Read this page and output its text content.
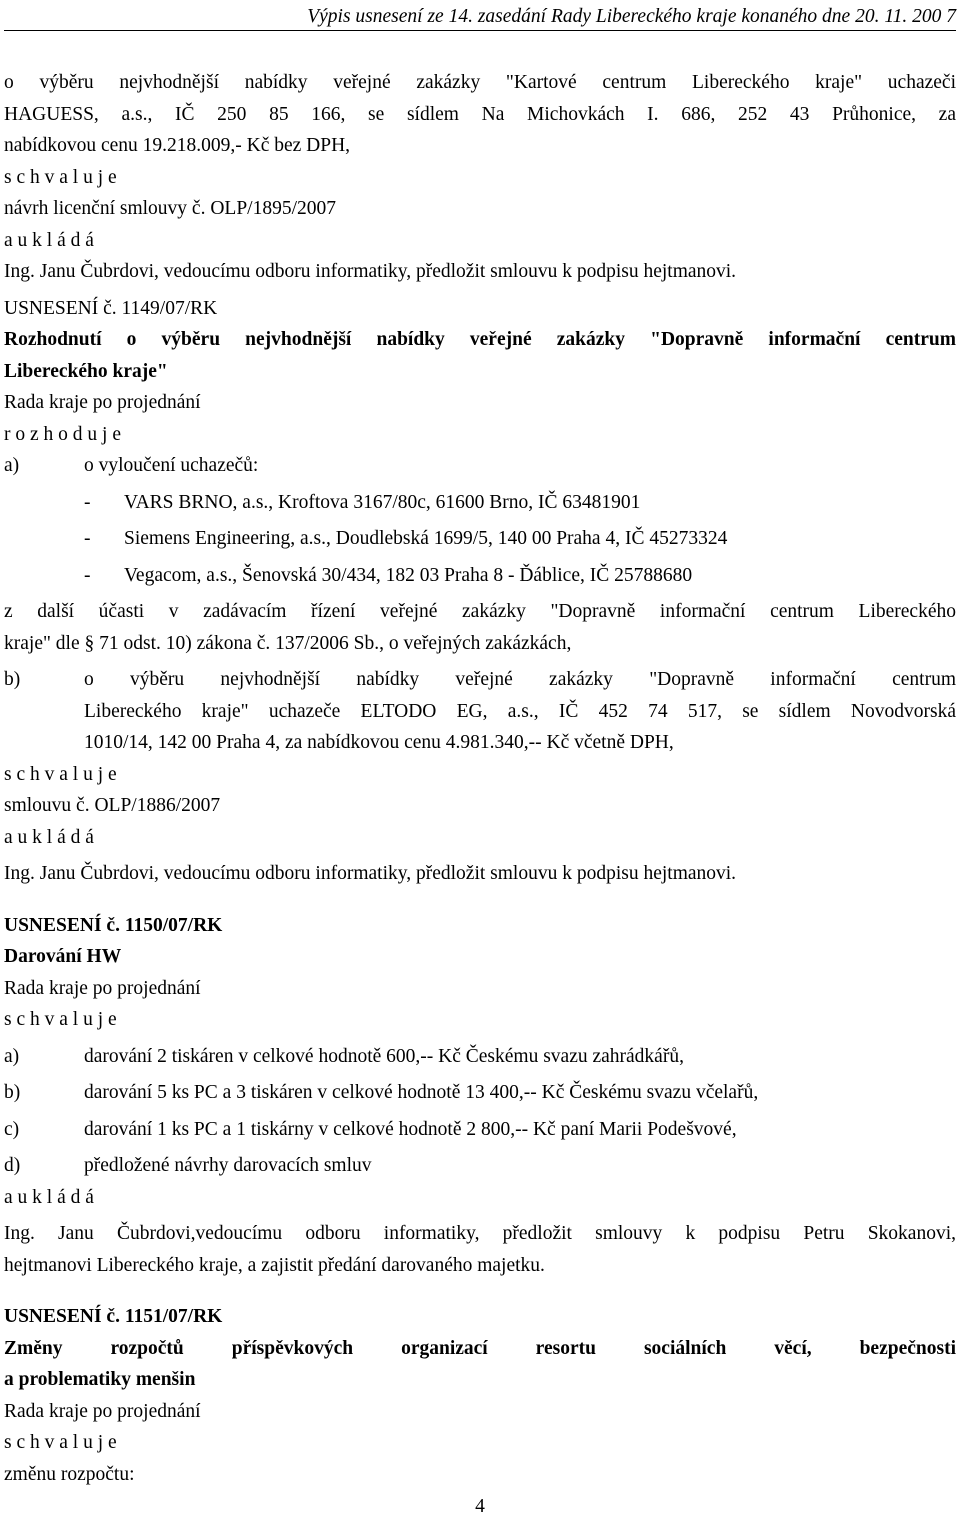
Výpis usnesení ze 14. zasedání Rady Libereckého kraje konaného dne 20. 11. 200 7
o výběru nejvhodnější nabídky veřejné zakázky "Kartové centrum Libereckého kraje" uchazeči
HAGUESS, a.s., IČ 250 85 166, se sídlem Na Michovkách I. 686, 252 43 Průhonice, za
nabídkovou cenu 19.218.009,- Kč bez DPH,
s c h v a l u j e
návrh licenční smlouvy č. OLP/1895/2007
a u k l á d á
Ing. Janu Čubrdovi, vedoucímu odboru informatiky, předložit smlouvu k podpisu hejtmanovi.
USNESENÍ č. 1149/07/RK
Rozhodnutí o výběru nejvhodnější nabídky veřejné zakázky "Dopravně informační centrum
Libereckého kraje"
Rada kraje po projednání
r o z h o d u j e
a)	o vyloučení uchazečů:
- VARS BRNO, a.s., Kroftova 3167/80c, 61600 Brno, IČ 63481901
- Siemens Engineering, a.s., Doudlebská 1699/5, 140 00 Praha 4, IČ 45273324
- Vegacom, a.s., Šenovská 30/434, 182 03 Praha 8 - Ďáblice, IČ 25788680
z další účasti v zadávacím řízení veřejné zakázky "Dopravně informační centrum Libereckého
kraje" dle § 71 odst. 10) zákona č. 137/2006 Sb., o veřejných zakázkách,
b)	o výběru nejvhodnější nabídky veřejné zakázky "Dopravně informační centrum
Libereckého kraje" uchazeče ELTODO EG, a.s., IČ 452 74 517, se sídlem Novodvorská
1010/14, 142 00 Praha 4, za nabídkovou cenu 4.981.340,-- Kč včetně DPH,
s c h v a l u j e
smlouvu č. OLP/1886/2007
a u k l á d á
Ing. Janu Čubrdovi, vedoucímu odboru informatiky, předložit smlouvu k podpisu hejtmanovi.
USNESENÍ č. 1150/07/RK
Darování HW
Rada kraje po projednání
s c h v a l u j e
a)	darování 2 tiskáren v celkové hodnotě 600,-- Kč Českému svazu zahrádkářů,
b)	darování 5 ks PC a 3 tiskáren v celkové hodnotě 13 400,-- Kč Českému svazu včelařů,
c)	darování 1 ks PC a 1 tiskárny v celkové hodnotě 2 800,-- Kč paní Marii Podešvové,
d)	předložené návrhy darovacích smluv
a u k l á d á
Ing. Janu Čubrdovi,vedoucímu odboru informatiky, předložit smlouvy k podpisu Petru Skokanovi,
hejtmanovi Libereckého kraje, a zajistit předání darovaného majetku.
USNESENÍ č. 1151/07/RK
Změny rozpočtů příspěvkových organizací resortu sociálních věcí, bezpečnosti
a problematiky menšin
Rada kraje po projednání
s c h v a l u j e
změnu rozpočtu:
4
